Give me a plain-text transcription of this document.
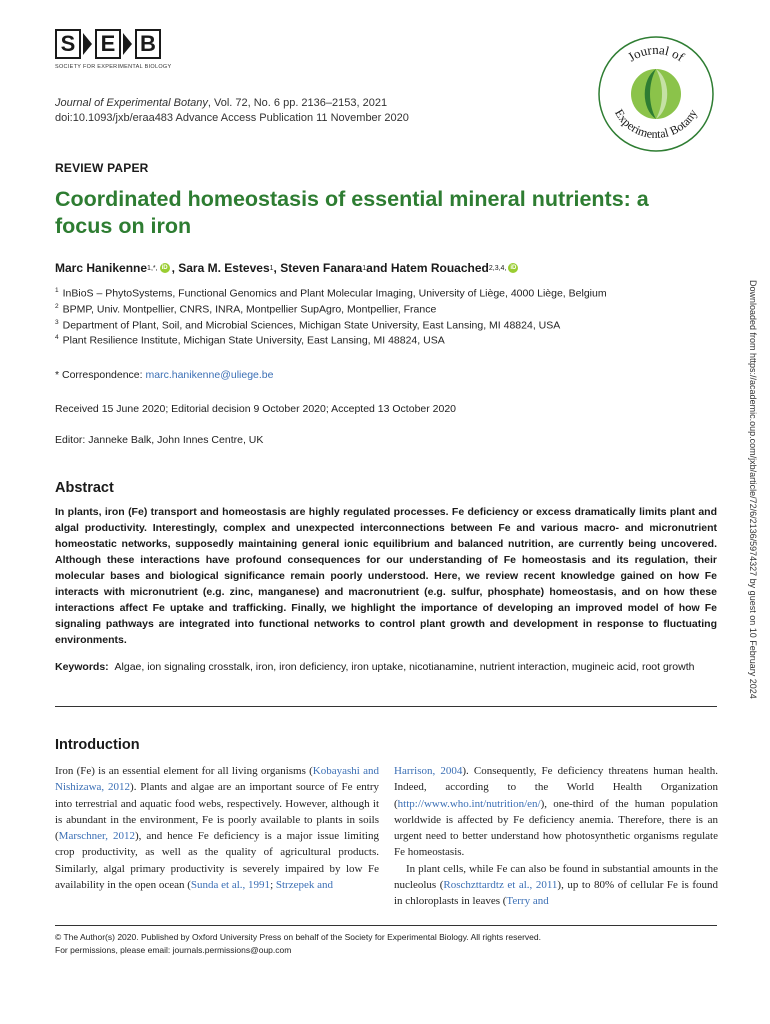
S E B
SOCIETY FOR EXPERIMENTAL BIOLOGY
Journal of
Experimental Botany
Journal of Experimental Botany, Vol. 72, No. 6 pp. 2136–2153, 2021
doi:10.1093/jxb/eraa483 Advance Access Publication 11 November 2020
REVIEW PAPER
Coordinated homeostasis of essential mineral nutrients: a focus on iron
Marc Hanikenne 1,*, iD , Sara M. Esteves 1 , Steven Fanara 1 and Hatem Rouached 2,3,4, iD
$^1$ InBioS – PhytoSystems, Functional Genomics and Plant Molecular Imaging, University of Liège, 4000 Liège, Belgium
$^2$ BPMP, Univ. Montpellier, CNRS, INRA, Montpellier SupAgro, Montpellier, France
$^3$ Department of Plant, Soil, and Microbial Sciences, Michigan State University, East Lansing, MI 48824, USA
$^4$ Plant Resilience Institute, Michigan State University, East Lansing, MI 48824, USA
* Correspondence: marc.hanikenne@uliege.be
Received 15 June 2020; Editorial decision 9 October 2020; Accepted 13 October 2020
Editor: Janneke Balk, John Innes Centre, UK	Downloaded from https://academic.oup.com/jxb/article/72/6/2136/5974327 by guest on 10 February 2024
Abstract
In plants, iron (Fe) transport and homeostasis are highly regulated processes. Fe deficiency or excess dramatically limits plant and algal productivity. Interestingly, complex and unexpected interconnections between Fe and various macro- and micronutrient homeostatic networks, supposedly maintaining general ionic equilibrium and balanced nutrition, are currently being uncovered. Although these interactions have profound consequences for our understanding of Fe homeostasis and its regulation, their molecular bases and biological significance remain poorly understood. Here, we review recent knowledge gained on how Fe interacts with micronutrient (e.g. zinc, manganese) and macronutrient (e.g. sulfur, phosphate) homeostasis, and on how these interactions affect Fe uptake and trafficking. Finally, we highlight the importance of developing an improved model of how Fe signaling pathways are integrated into functional networks to control plant growth and development in response to fluctuating environments.
Keywords: Algae, ion signaling crosstalk, iron, iron deficiency, iron uptake, nicotianamine, nutrient interaction, mugineic acid, root growth
Introduction

Iron (Fe) is an essential element for all living organisms (Kobayashi and Nishizawa, 2012). Plants and algae are an important source of Fe entry into terrestrial and aquatic food webs, respectively. However, although it is abundant in the environment, Fe is poorly available to plants in soils (Marschner, 2012), and hence Fe deficiency is a major issue limiting crop productivity, as well as the quality of agricultural products. Similarly, algal primary productivity is severely impaired by low Fe availability in the open ocean (Sunda et al., 1991; Strzepek and

Harrison, 2004). Consequently, Fe deficiency threatens human health. Indeed, according to the World Health Organization (http://www.who.int/nutrition/en/), one-third of the human population worldwide is affected by Fe deficiency anemia. Therefore, there is an urgent need to better understand how photosynthetic organisms regulate Fe homeostasis.

In plant cells, while Fe can also be found in substantial amounts in the nucleolus (Roschzttardtz et al., 2011), up to 80% of cellular Fe is found in chloroplasts in leaves (Terry and

© The Author(s) 2020. Published by Oxford University Press on behalf of the Society for Experimental Biology. All rights reserved.
For permissions, please email: journals.permissions@oup.com
